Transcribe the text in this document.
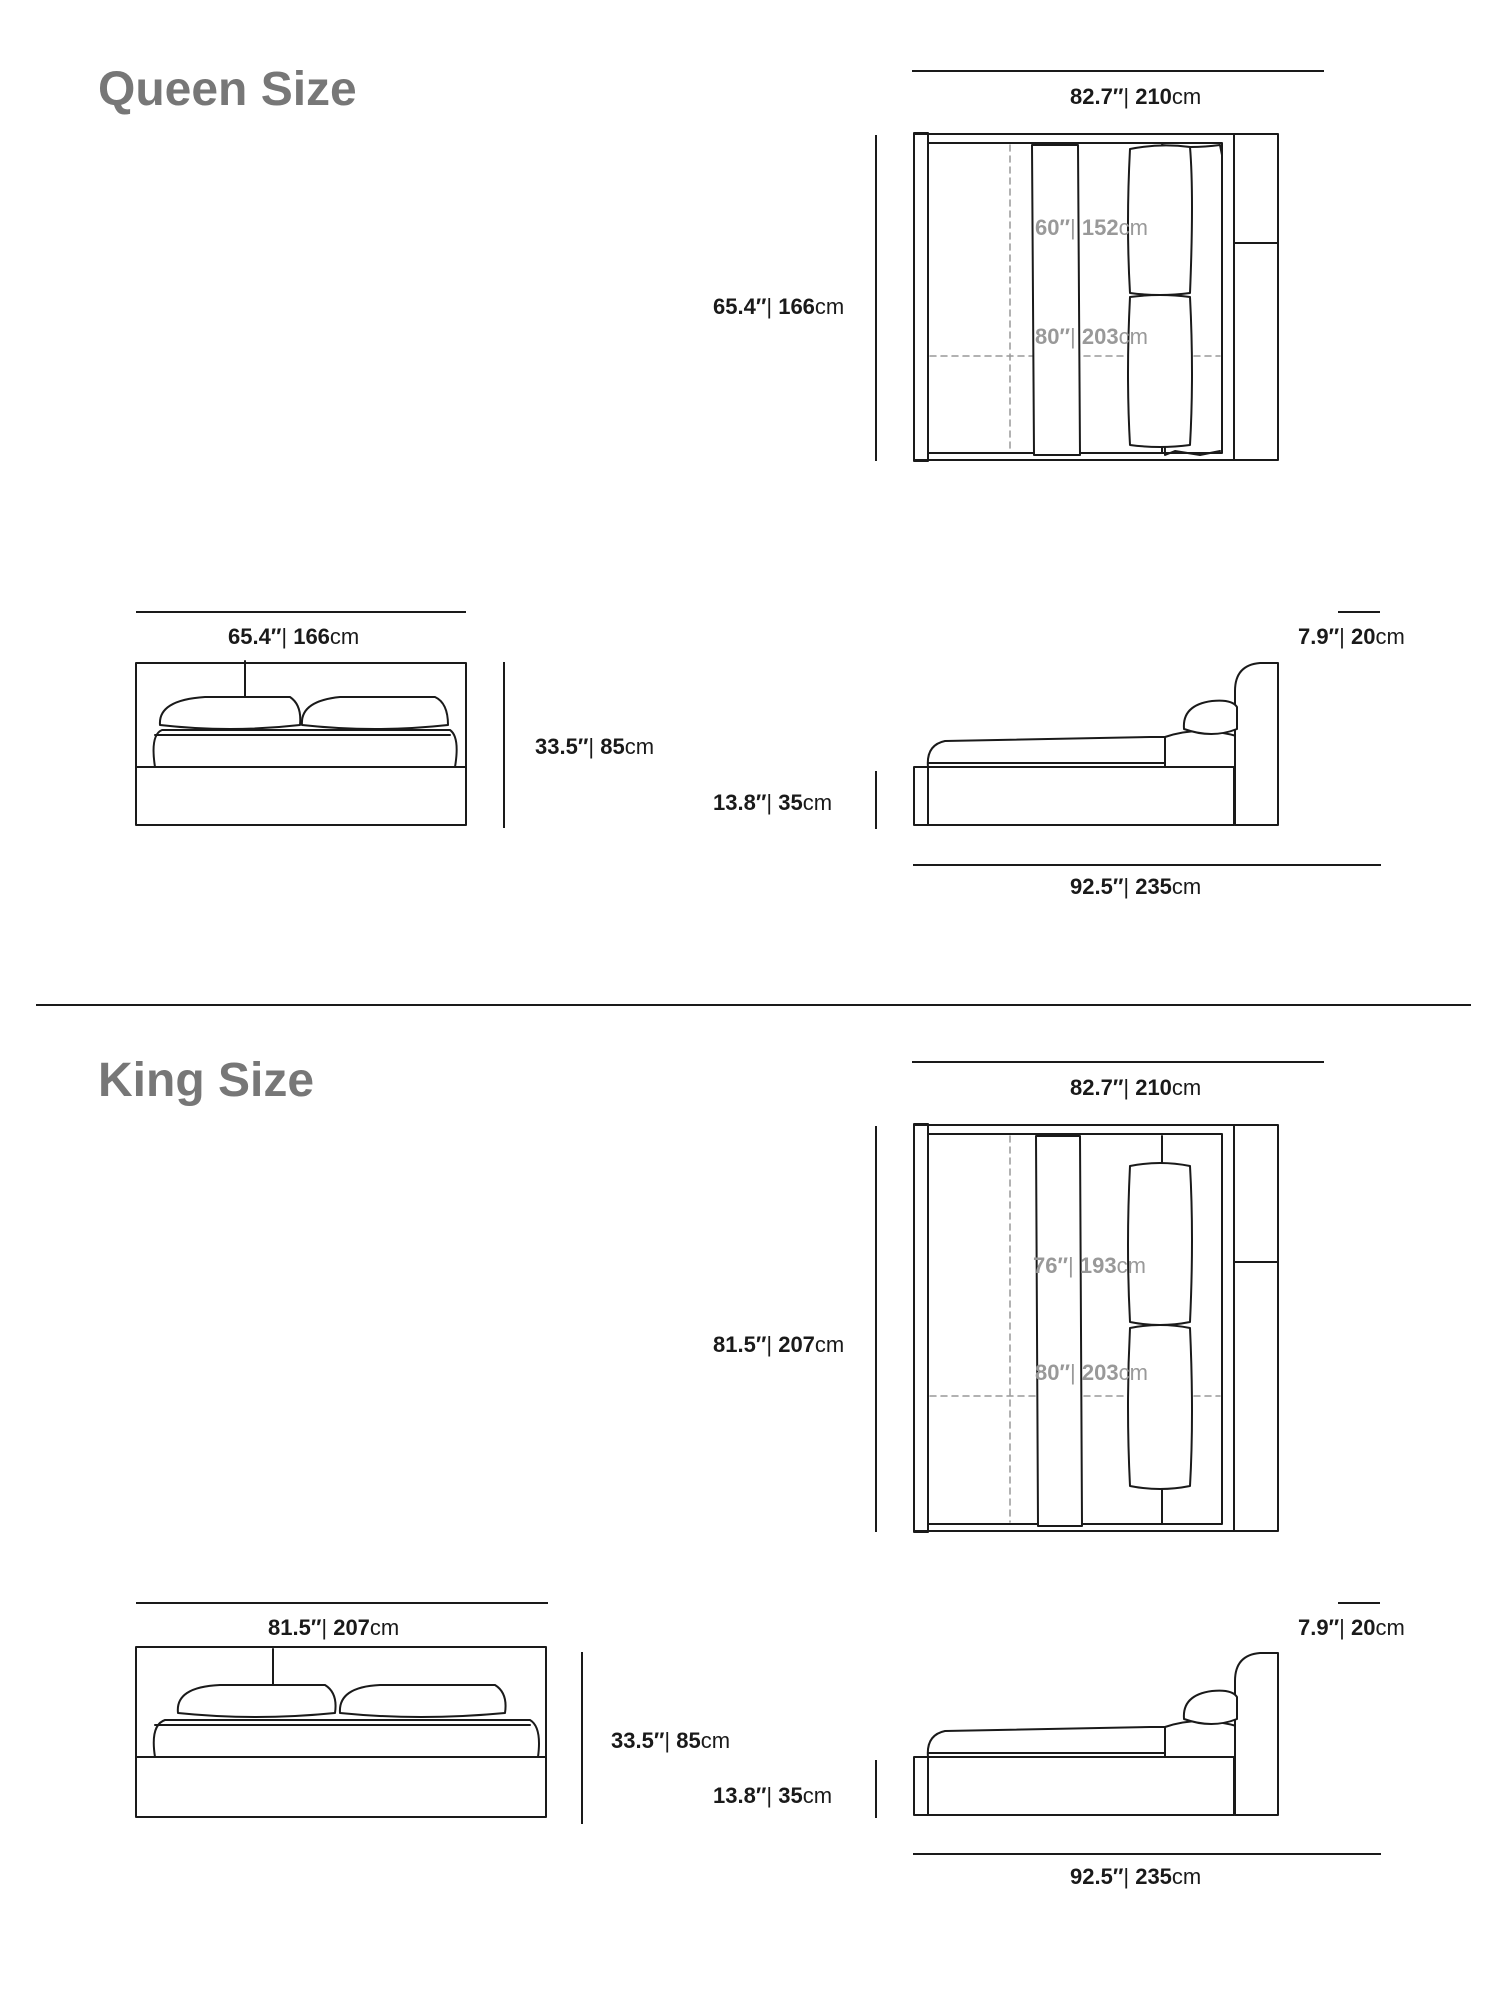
Queen Size	82.7″| 210cm
65.4″| 166cm
60″| 152cm
80″| 203cm
65.4″| 166cm
33.5″| 85cm
7.9″| 20cm
13.8″| 35cm
92.5″| 235cm
King Size	82.7″| 210cm
81.5″| 207cm
76″| 193cm
80″| 203cm
81.5″| 207cm
33.5″| 85cm
7.9″| 20cm
13.8″| 35cm
92.5″| 235cm
